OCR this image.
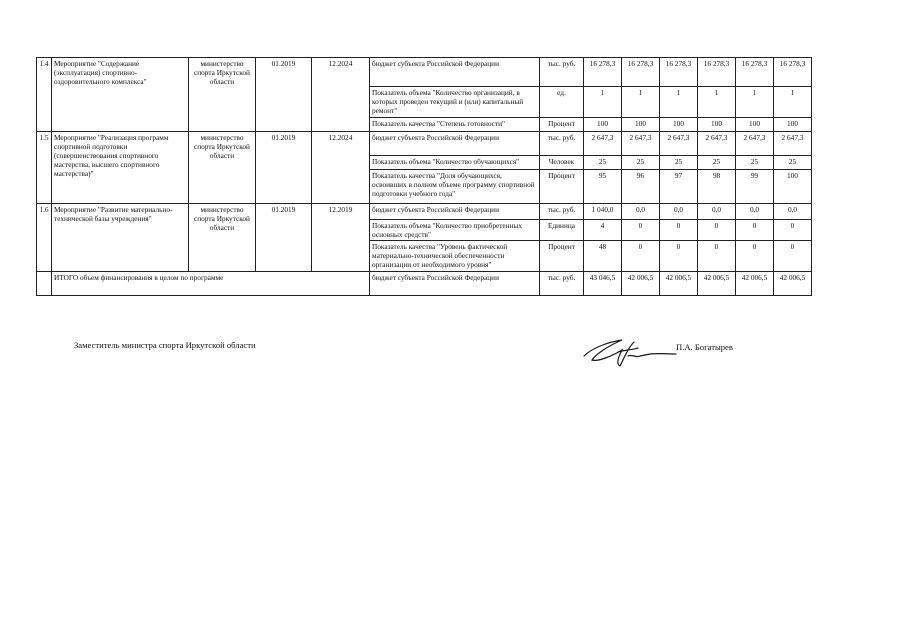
1.4	Мероприятие "Содержание (эксплуатация) спортивно-оздоровительного комплекса"	министерство спорта Иркутской области	01.2019	12.2024	бюджет субъекта Российской Федерации	тыс. руб.	16 278,3	16 278,3	16 278,3	16 278,3	16 278,3	16 278,3
					Показатель объема "Количество организаций, в которых проведен текущий и (или) капитальный ремонт"	ед.	1	1	1	1	1	1
					Показатель качества "Степень готовности"	Процент	100	100	100	100	100	100
1.5	Мероприятие "Реализация программ спортивной подготовки (совершенствования спортивного мастерства, высшего спортивного мастерства)"	министерство спорта Иркутской области	01.2019	12.2024	бюджет субъекта Российской Федерации	тыс. руб.	2 647,3	2 647,3	2 647,3	2 647,3	2 647,3	2 647,3
					Показатель объема "Количество обучающихся"	Человек	25	25	25	25	25	25
					Показатель качества "Доля обучающихся, освоивших в полном объеме программу спортивной подготовки учебного года"	Процент	95	96	97	98	99	100
1.6	Мероприятие "Развитие материально-технической базы учреждения"	министерство спорта Иркутской области	01.2019	12.2019	бюджет субъекта Российской Федерации	тыс. руб.	1 040,0	0,0	0,0	0,0	0,0	0,0
					Показатель объема "Количество приобретенных основных средств"	Единица	4	0	0	0	0	0
					Показатель качества "Уровень фактической материально-технической обеспеченности организации от необходимого уровня"	Процент	48	0	0	0	0	0
	ИТОГО объем финансирования в целом по программе				бюджет субъекта Российской Федерации	тыс. руб.	43 046,5	42 006,5	42 006,5	42 006,5	42 006,5	42 006,5
Заместитель министра спорта Иркутской области	П.А. Богатырев
